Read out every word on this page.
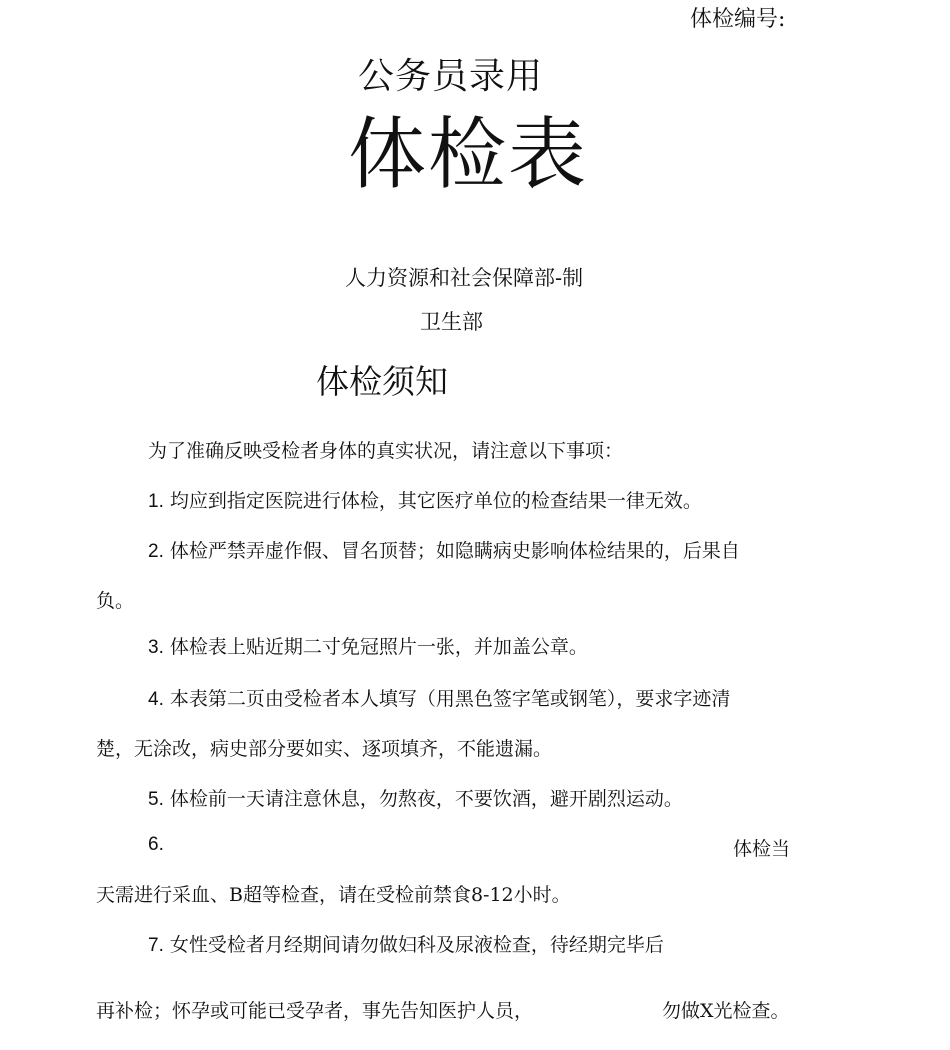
体检编号:
公务员录用
体检表
人力资源和社会保障部-制
卫生部
体检须知
为了准确反映受检者身体的真实状况，请注意以下事项：
1. 均应到指定医院进行体检，其它医疗单位的检查结果一律无效。
2. 体检严禁弄虚作假、冒名顶替；如隐瞒病史影响体检结果的，后果自
负。
3. 体检表上贴近期二寸免冠照片一张，并加盖公章。
4. 本表第二页由受检者本人填写（用黑色签字笔或钢笔），要求字迹清
楚，无涂改，病史部分要如实、逐项填齐，不能遗漏。
5. 体检前一天请注意休息，勿熬夜，不要饮酒，避开剧烈运动。
6.	体检当
天需进行采血、B超等检查，请在受检前禁食8-12小时。
7. 女性受检者月经期间请勿做妇科及尿液检查，待经期完毕后
再补检；怀孕或可能已受孕者，事先告知医护人员，	勿做X光检查。
